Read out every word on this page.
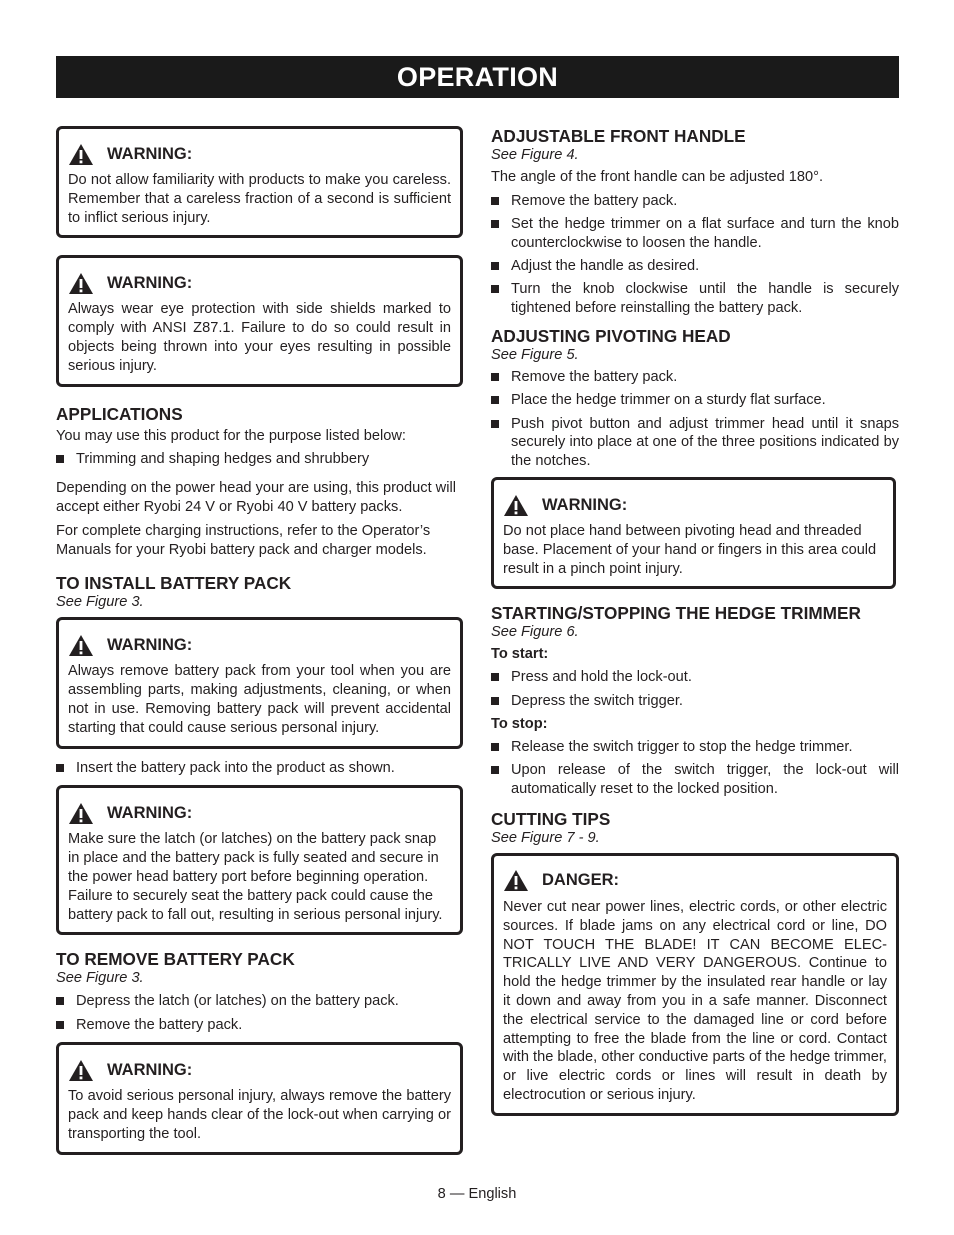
OPERATION
WARNING:
Do not allow familiarity with products to make you careless. Remember that a careless fraction of a second is sufficient to inflict serious injury.
WARNING:
Always wear eye protection with side shields marked to comply with ANSI Z87.1. Failure to do so could result in objects being thrown into your eyes resulting in possible serious injury.
APPLICATIONS

You may use this product for the purpose listed below:

Trimming and shaping hedges and shrubbery

Depending on the power head your are using, this product will accept either Ryobi 24 V or Ryobi 40 V battery packs.

For complete charging instructions, refer to the Operator’s Manuals for your Ryobi battery pack and charger models.

TO INSTALL BATTERY PACK
See Figure 3.
WARNING:
Always remove battery pack from your tool when you are assembling parts, making adjustments, cleaning, or when not in use. Removing battery pack will prevent accidental starting that could cause serious personal injury.
Insert the battery pack into the product as shown.
WARNING:
Make sure the latch (or latches) on the battery pack snap in place and the battery pack is fully seated and secure in the power head battery port before beginning operation. Failure to securely seat the battery pack could cause the battery pack to fall out, resulting in serious personal injury.
TO REMOVE BATTERY PACK
See Figure 3.
Depress the latch (or latches) on the battery pack.
Remove the battery pack.
WARNING:
To avoid serious personal injury, always remove the battery pack and keep hands clear of the lock-out when carrying or transporting the tool.
ADJUSTABLE FRONT HANDLE
See Figure 4.

The angle of the front handle can be adjusted 180°.

Remove the battery pack.
Set the hedge trimmer on a flat surface and turn the knob counterclockwise to loosen the handle.
Adjust the handle as desired.
Turn the knob clockwise until the handle is securely tightened before reinstalling the battery pack.
ADJUSTING PIVOTING HEAD
See Figure 5.
Remove the battery pack.
Place the hedge trimmer on a sturdy flat surface.
Push pivot button and adjust trimmer head until it snaps securely into place at one of the three positions indicated by the notches.
WARNING:
Do not place hand between pivoting head and threaded base. Placement of your hand or fingers in this area could result in a pinch point injury.
STARTING/STOPPING THE HEDGE TRIMMER
See Figure 6.
To start:
Press and hold the lock-out.
Depress the switch trigger.
To stop:
Release the switch trigger to stop the hedge trimmer.
Upon release of the switch trigger, the lock-out will automatically reset to the locked position.
CUTTING TIPS
See Figure 7 - 9.
DANGER:
Never cut near power lines, electric cords, or other electric sources. If blade jams on any electrical cord or line, DO NOT TOUCH THE BLADE! IT CAN BECOME ELECTRICALLY LIVE AND VERY DANGEROUS. Continue to hold the hedge trimmer by the insulated rear handle or lay it down and away from you in a safe manner. Disconnect the electrical service to the damaged line or cord before attempting to free the blade from the line or cord. Contact with the blade, other conductive parts of the hedge trimmer, or live electric cords or lines will result in death by electrocution or serious injury.
8 — English
